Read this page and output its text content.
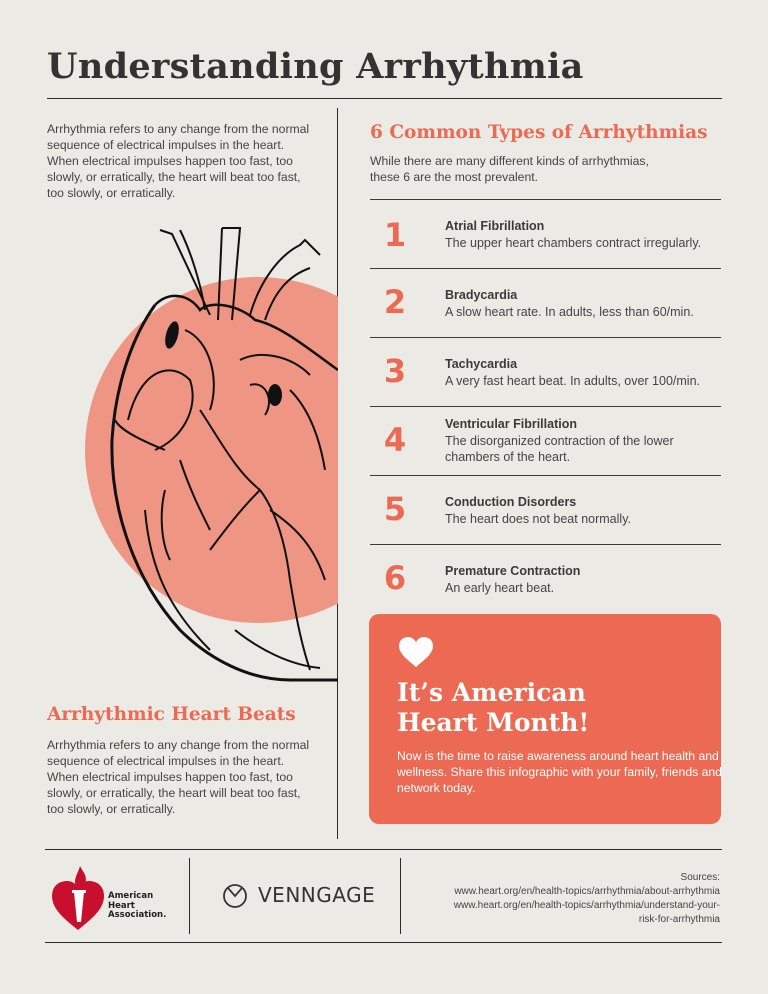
Understanding Arrhythmia
Arrhythmia refers to any change from the normal sequence of electrical impulses in the heart. When electrical impulses happen too fast, too slowly, or erratically, the heart will beat too fast, too slowly, or erratically.
Arrhythmic Heart Beats
Arrhythmia refers to any change from the normal sequence of electrical impulses in the heart. When electrical impulses happen too fast, too slowly, or erratically, the heart will beat too fast, too slowly, or erratically.
6 Common Types of Arrhythmias
While there are many different kinds of arrhythmias, these 6 are the most prevalent.
1	Atrial Fibrillation
The upper heart chambers contract irregularly.
2	Bradycardia
A slow heart rate. In adults, less than 60/min.
3	Tachycardia
A very fast heart beat. In adults, over 100/min.
4	Ventricular Fibrillation
The disorganized contraction of the lower chambers of the heart.
5	Conduction Disorders
The heart does not beat normally.
6	Premature Contraction
An early heart beat.
It’s American
Heart Month!
Now is the time to raise awareness around heart health and wellness. Share this infographic with your family, friends and network today.
American
Heart
Association.
VENNGAGE
Sources:
www.heart.org/en/health-topics/arrhythmia/about-arrhythmia
www.heart.org/en/health-topics/arrhythmia/understand-your-
risk-for-arrhythmia
